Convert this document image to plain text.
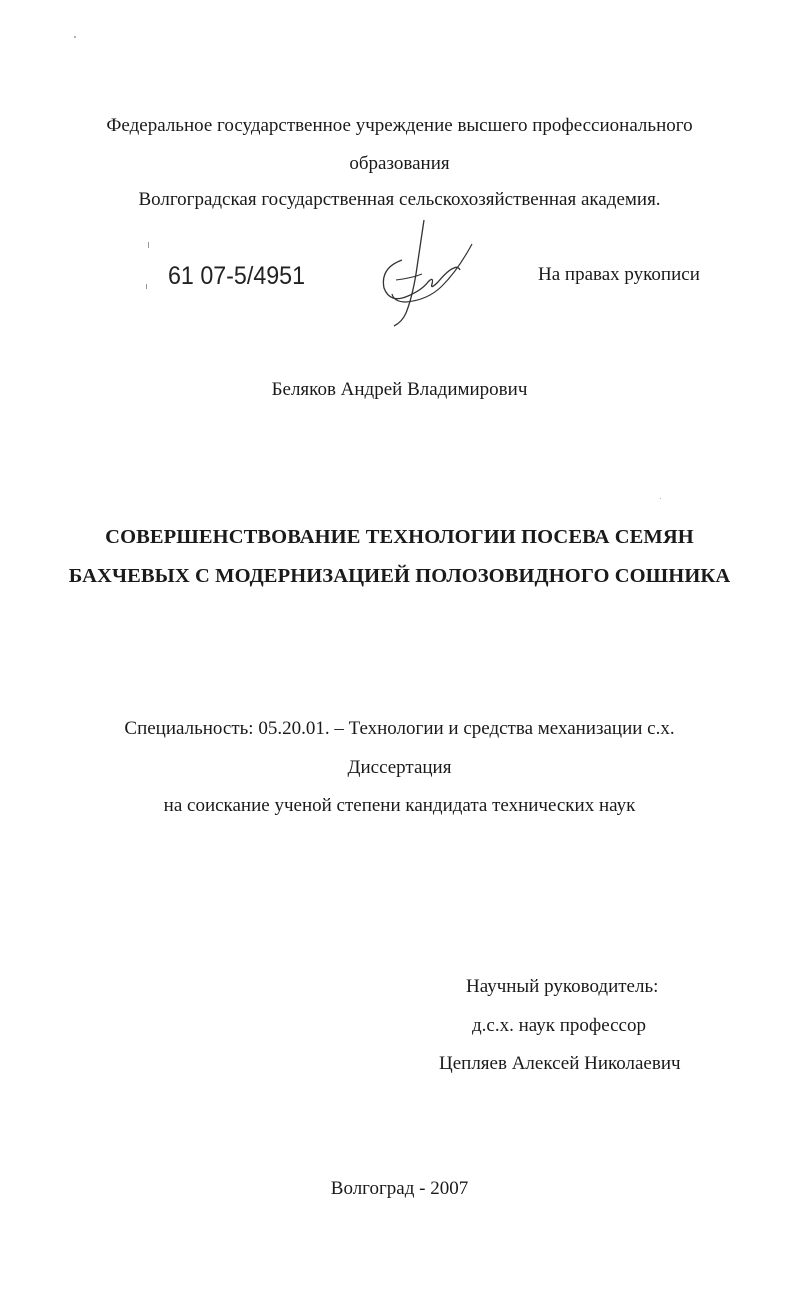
Федеральное государственное учреждение высшего профессионального
образования
Волгоградская государственная сельскохозяйственная академия.
61 07-5/4951	На правах рукописи
Беляков Андрей Владимирович
СОВЕРШЕНСТВОВАНИЕ ТЕХНОЛОГИИ ПОСЕВА СЕМЯН
БАХЧЕВЫХ С МОДЕРНИЗАЦИЕЙ ПОЛОЗОВИДНОГО СОШНИКА
Специальность: 05.20.01. – Технологии и средства механизации с.х.
Диссертация
на соискание ученой степени кандидата технических наук
Научный руководитель:
д.с.х. наук профессор
Цепляев Алексей Николаевич
Волгоград - 2007
